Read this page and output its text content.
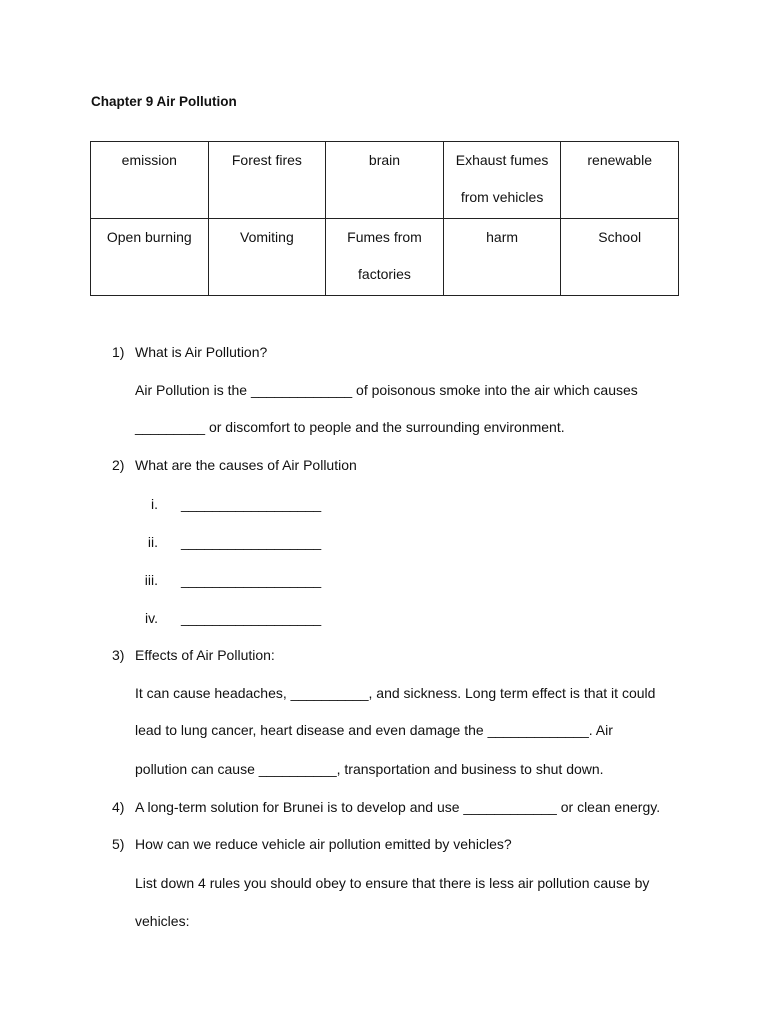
Chapter 9 Air Pollution
emission	Forest fires	brain	Exhaust fumes from vehicles	renewable
Open burning	Vomiting	Fumes from factories	harm	School
1) What is Air Pollution?
Air Pollution is the _____________ of poisonous smoke into the air which causes
_________ or discomfort to people and the surrounding environment.
2) What are the causes of Air Pollution
i. __________________
ii. __________________
iii. __________________
iv. __________________
3) Effects of Air Pollution:
It can cause headaches, __________, and sickness. Long term effect is that it could
lead to lung cancer, heart disease and even damage the _____________. Air
pollution can cause __________, transportation and business to shut down.
4) A long-term solution for Brunei is to develop and use ____________ or clean energy.
5) How can we reduce vehicle air pollution emitted by vehicles?
List down 4 rules you should obey to ensure that there is less air pollution cause by
vehicles:
